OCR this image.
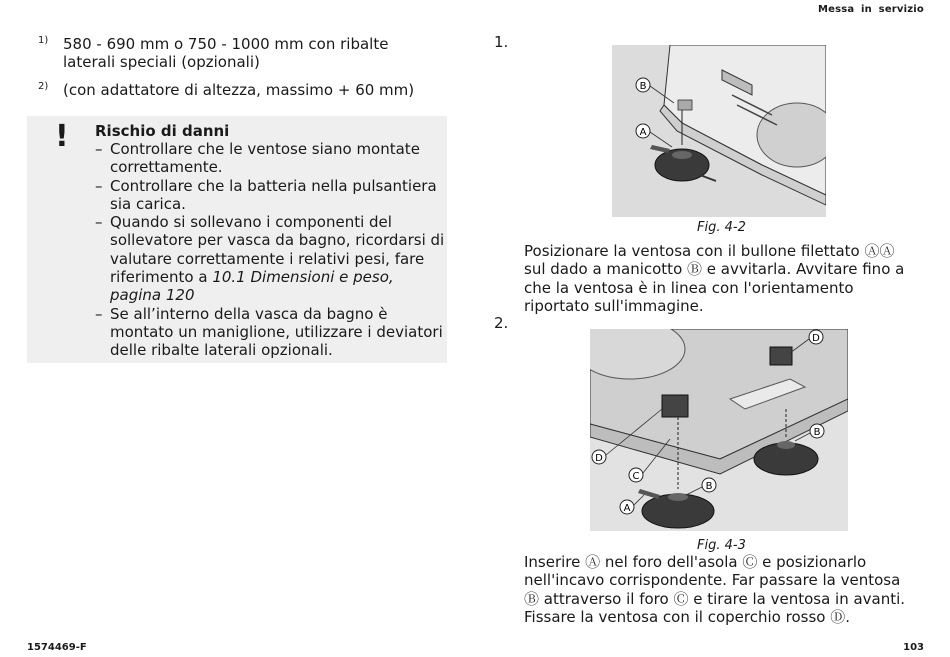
Messa in servizio
1) 580 - 690 mm o 750 - 1000 mm con ribalte laterali speciali (opzionali)
2) (con adattatore di altezza, massimo + 60 mm)
! Rischio di danni

– Controllare che le ventose siano montate correttamente.

– Controllare che la batteria nella pulsantiera sia carica.

– Quando si sollevano i componenti del sollevatore per vasca da bagno, ricordarsi di valutare correttamente i relativi pesi, fare riferimento a 10.1 Dimensioni e peso, pagina 120

– Se all’interno della vasca da bagno è montato un maniglione, utilizzare i deviatori delle ribalte laterali opzionali.

1.
B
A
Fig. 4-2
Posizionare la ventosa con il bullone filettato ⒶⒶ sul dado a manicotto Ⓑ e avvitarla. Avvitare fino a che la ventosa è in linea con l'orientamento riportato sull'immagine.
2.
D
B
D
C
B
A
Fig. 4-3
Inserire Ⓐ nel foro dell'asola Ⓒ e posizionarlo nell'incavo corrispondente. Far passare la ventosa Ⓑ attraverso il foro Ⓒ e tirare la ventosa in avanti. Fissare la ventosa con il coperchio rosso Ⓓ.
1574469-F	103
